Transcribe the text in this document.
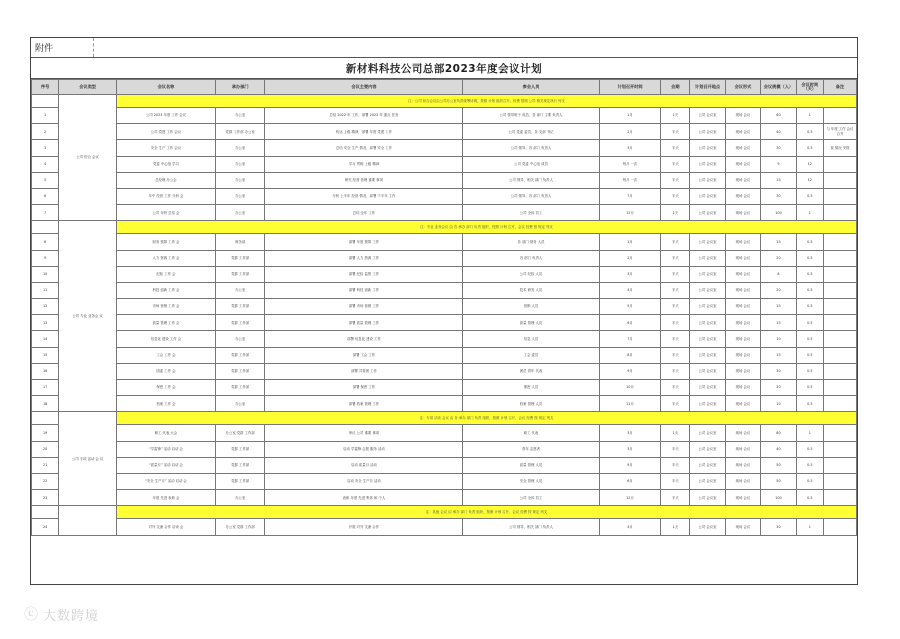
附件
新材料科技公司总部2023年度会议计划
序号	会议类型	会议名称	承办部门	会议主要内容	参会人员	计划召开时间	会期	计划召开地点	会议形式	会议规模（人）	会议时间（天）	备注
	公司 综合 会议	注：公司 综合会议由公司办公室负责统筹协调，按照 计划 组织召开，经费 按照 公司 相关规定执行 列支										
1		公司 2023 年度 工作 会议	办公室	总结 2022 年 工作，部署 2023 年 重点 任务	公司 领导班子 成员、各 部门 主要 负责人	1月	1天	公司 会议室	现场 会议	60	1	
2		公司 党建 工作 会议	党群 工作部 办公室	传达 上级 精神，部署 年度 党建 工作	公司 党委 委员、各 支部 书记	2月	半天	公司 会议室	现场 会议	40	0.5	与 年度 工作 会议 合并
3		安全 生产 工作 会议	办公室	总结 安全 生产 情况，部署 安全 工作	公司 领导、各 部门 负责人	3月	半天	公司 会议室	现场 会议	30	0.5	视 情况 安排
4		党委 中心组 学习	办公室	学习 贯彻 上级 精神	公司 党委 中心组 成员	每月 一次	半天	公司 会议室	现场 会议	9	12	
5		总经理 办公会	办公室	研究 经营 管理 重要 事项	公司 领导、相关 部门 负责人	每月 一次	半天	公司 会议室	现场 会议	15	12	
6		年中 经营 工作 分析 会	办公室	分析 上半年 经营 情况，部署 下半年 工作	公司 领导、各 部门 负责人	7月	半天	公司 会议室	现场 会议	30	0.5	
7		公司 年终 总结 会	办公室	总结 全年 工作	公司 全体 员工	12月	1天	公司 会议室	现场 会议	100	1	
	公司 专业 业务会 议	注：专业 业务会议 由 各 承办 部门 负责 组织，按照 计划 召开，会议 经费 按 规定 列支										
8		财务 预算 工作 会	财务部	部署 年度 预算 工作	各 部门 财务 人员	1月	半天	公司 会议室	现场 会议	15	0.5	
9		人力 资源 工作 会	党群 工作部	部署 人力 资源 工作	各 部门 负责人	2月	半天	公司 会议室	现场 会议	20	0.5	
10		纪检 工作 会	党群 工作部	部署 纪检 监察 工作	公司 纪检 人员	3月	半天	公司 会议室	现场 会议	8	0.5	
11		科技 创新 工作 会	办公室	部署 科技 创新 工作	技术 研发 人员	4月	半天	公司 会议室	现场 会议	20	0.5	
12		市场 营销 工作 会	党群 工作部	部署 市场 营销 工作	营销 人员	5月	半天	公司 会议室	现场 会议	15	0.5	
13		质量 管理 工作 会	党群 工作部	部署 质量 管理 工作	质量 管理 人员	6月	半天	公司 会议室	现场 会议	15	0.5	
14		信息化 建设 工作 会	办公室	部署 信息化 建设 工作	信息 人员	7月	半天	公司 会议室	现场 会议	10	0.5	
15		工会 工作 会	党群 工作部	部署 工会 工作	工会 委员	8月	半天	公司 会议室	现场 会议	15	0.5	
16		团委 工作 会	党群 工作部	部署 共青团 工作	团员 青年 代表	9月	半天	公司 会议室	现场 会议	30	0.5	
17		保密 工作 会	党群 工作部	部署 保密 工作	保密 人员	10月	半天	公司 会议室	现场 会议	20	0.5	
18		档案 工作 会	办公室	部署 档案 管理 工作	档案 管理 人员	11月	半天	公司 会议室	现场 会议	10	0.5	
	公司 专项 活动 会 议	注：专项 活动 会议 由 各 承办 部门 负责 组织，按照 计划 召开，会议 经费 按 规定 列支										
19		职工 代表 大会	办公室 党群 工作部	审议 公司 重要 事项	职工 代表	3月	1天	公司 会议室	现场 会议	80	1	
20		“学雷锋” 活动 启动 会	党群 工作部	启动 学雷锋 志愿 服务 活动	青年 志愿者	3月	半天	公司 会议室	现场 会议	40	0.5	
21		“质量月” 活动 启动 会	党群 工作部	启动 质量月 活动	质量 管理 人员	9月	半天	公司 会议室	现场 会议	50	0.5	
22		“安全 生产月” 活动 启动 会	党群 工作部	启动 安全 生产月 活动	安全 管理 人员	6月	半天	公司 会议室	现场 会议	50	0.5	
23		年度 先进 表彰 会	办公室	表彰 年度 先进 集体 和 个人	公司 全体 员工	12月	半天	公司 会议室	现场 会议	100	0.5	
		注：其他 会议 由 承办 部门 负责 组织，按照 计划 召开，会议 经费 按 规定 列支										
24		对外 交流 合作 洽谈 会	办公室 党群 工作部	开展 对外 交流 合作	公司 领导、相关 部门 负责人	4月	1天	公司 会议室	现场 会议	30	1	
ⓒ 大数跨境
